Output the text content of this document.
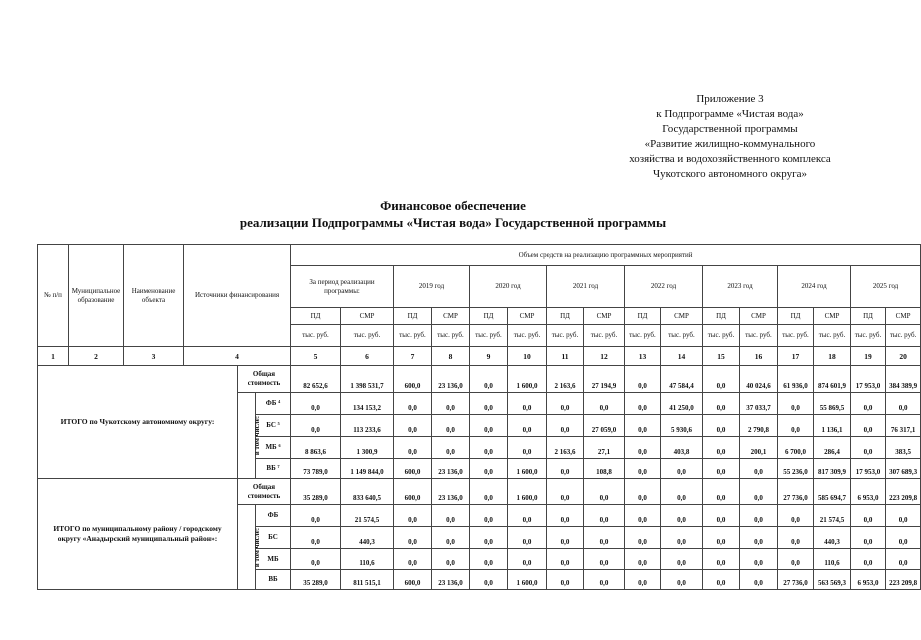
Приложение 3
к Подпрограмме «Чистая вода»
Государственной программы
«Развитие жилищно-коммунального
хозяйства и водохозяйственного комплекса
Чукотского автономного округа»
Финансовое обеспечение
реализации Подпрограммы «Чистая вода» Государственной программы
№ п/п	Муниципальное образование	Наименование объекта	Источники финансирования			Объем средств на реализацию программных мероприятий															
						За период реализации программы:		2019 год		2020 год		2021 год		2022 год		2023 год		2024 год		2025 год	
						ПД	СМР	ПД	СМР	ПД	СМР	ПД	СМР	ПД	СМР	ПД	СМР	ПД	СМР	ПД	СМР
						тыс. руб.	тыс. руб.	тыс. руб.	тыс. руб.	тыс. руб.	тыс. руб.	тыс. руб.	тыс. руб.	тыс. руб.	тыс. руб.	тыс. руб.	тыс. руб.	тыс. руб.	тыс. руб.	тыс. руб.	тыс. руб.
1	2	3	4			5	6	7	8	9	10	11	12	13	14	15	16	17	18	19	20
ИТОГО по Чукотскому автономному округу:				Общая стоимость		82 652,6	1 398 531,7	600,0	23 136,0	0,0	1 600,0	2 163,6	27 194,9	0,0	47 584,4	0,0	40 024,6	61 936,0	874 601,9	17 953,0	384 389,9
				в том числе:	ФБ ⁴	0,0	134 153,2	0,0	0,0	0,0	0,0	0,0	0,0	0,0	41 250,0	0,0	37 033,7	0,0	55 869,5	0,0	0,0
					БС ⁵	0,0	113 233,6	0,0	0,0	0,0	0,0	0,0	27 059,0	0,0	5 930,6	0,0	2 790,8	0,0	1 136,1	0,0	76 317,1
					МБ ⁶	8 863,6	1 300,9	0,0	0,0	0,0	0,0	2 163,6	27,1	0,0	403,8	0,0	200,1	6 700,0	286,4	0,0	383,5
					ВБ ⁷	73 789,0	1 149 844,0	600,0	23 136,0	0,0	1 600,0	0,0	108,8	0,0	0,0	0,0	0,0	55 236,0	817 309,9	17 953,0	307 689,3
ИТОГО по муниципальному району / городскому округу «Анадырский муниципальный район»:				Общая стоимость		35 289,0	833 640,5	600,0	23 136,0	0,0	1 600,0	0,0	0,0	0,0	0,0	0,0	0,0	27 736,0	585 694,7	6 953,0	223 209,8
				в том числе:	ФБ	0,0	21 574,5	0,0	0,0	0,0	0,0	0,0	0,0	0,0	0,0	0,0	0,0	0,0	21 574,5	0,0	0,0
					БС	0,0	440,3	0,0	0,0	0,0	0,0	0,0	0,0	0,0	0,0	0,0	0,0	0,0	440,3	0,0	0,0
					МБ	0,0	110,6	0,0	0,0	0,0	0,0	0,0	0,0	0,0	0,0	0,0	0,0	0,0	110,6	0,0	0,0
					ВБ	35 289,0	811 515,1	600,0	23 136,0	0,0	1 600,0	0,0	0,0	0,0	0,0	0,0	0,0	27 736,0	563 569,3	6 953,0	223 209,8
